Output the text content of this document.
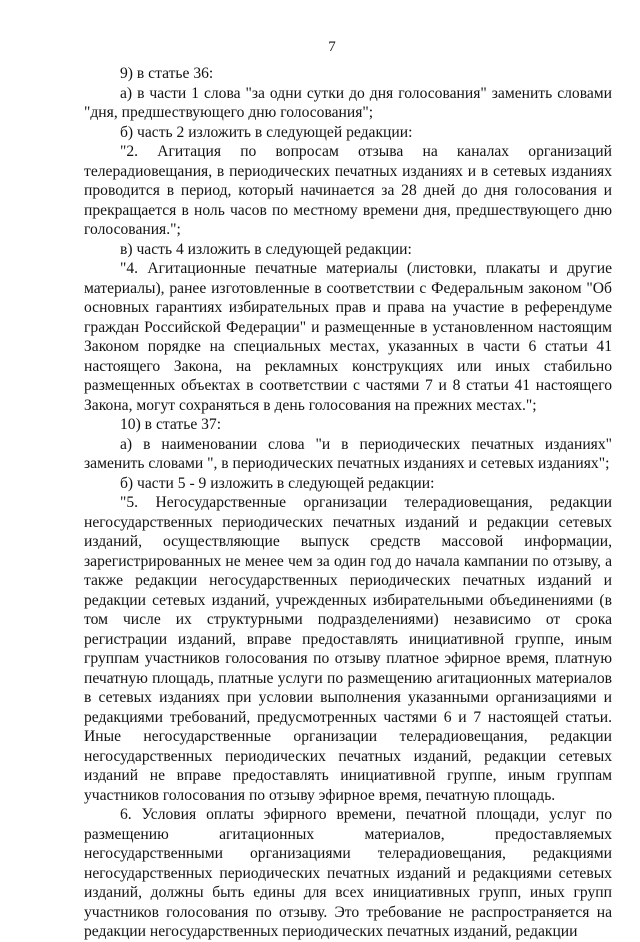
7

9) в статье 36:

а) в части 1 слова "за одни сутки до дня голосования" заменить словами "дня, предшествующего дню голосования";

б) часть 2 изложить в следующей редакции:

"2. Агитация по вопросам отзыва на каналах организаций телерадиовещания, в периодических печатных изданиях и в сетевых изданиях проводится в период, который начинается за 28 дней до дня голосования и прекращается в ноль часов по местному времени дня, предшествующего дню голосования.";

в) часть 4 изложить в следующей редакции:

"4. Агитационные печатные материалы (листовки, плакаты и другие материалы), ранее изготовленные в соответствии с Федеральным законом "Об основных гарантиях избирательных прав и права на участие в референдуме граждан Российской Федерации" и размещенные в установленном настоящим Законом порядке на специальных местах, указанных в части 6 статьи 41 настоящего Закона, на рекламных конструкциях или иных стабильно размещенных объектах в соответствии с частями 7 и 8 статьи 41 настоящего Закона, могут сохраняться в день голосования на прежних местах.";

10) в статье 37:

а) в наименовании слова "и в периодических печатных изданиях" заменить словами ", в периодических печатных изданиях и сетевых изданиях";

б) части 5 - 9 изложить в следующей редакции:

"5. Негосударственные организации телерадиовещания, редакции негосударственных периодических печатных изданий и редакции сетевых изданий, осуществляющие выпуск средств массовой информации, зарегистрированных не менее чем за один год до начала кампании по отзыву, а также редакции негосударственных периодических печатных изданий и редакции сетевых изданий, учрежденных избирательными объединениями (в том числе их структурными подразделениями) независимо от срока регистрации изданий, вправе предоставлять инициативной группе, иным группам участников голосования по отзыву платное эфирное время, платную печатную площадь, платные услуги по размещению агитационных материалов в сетевых изданиях при условии выполнения указанными организациями и редакциями требований, предусмотренных частями 6 и 7 настоящей статьи. Иные негосударственные организации телерадиовещания, редакции негосударственных периодических печатных изданий, редакции сетевых изданий не вправе предоставлять инициативной группе, иным группам участников голосования по отзыву эфирное время, печатную площадь.

6. Условия оплаты эфирного времени, печатной площади, услуг по размещению агитационных материалов, предоставляемых негосударственными организациями телерадиовещания, редакциями негосударственных периодических печатных изданий и редакциями сетевых изданий, должны быть едины для всех инициативных групп, иных групп участников голосования по отзыву. Это требование не распространяется на редакции негосударственных периодических печатных изданий, редакции
